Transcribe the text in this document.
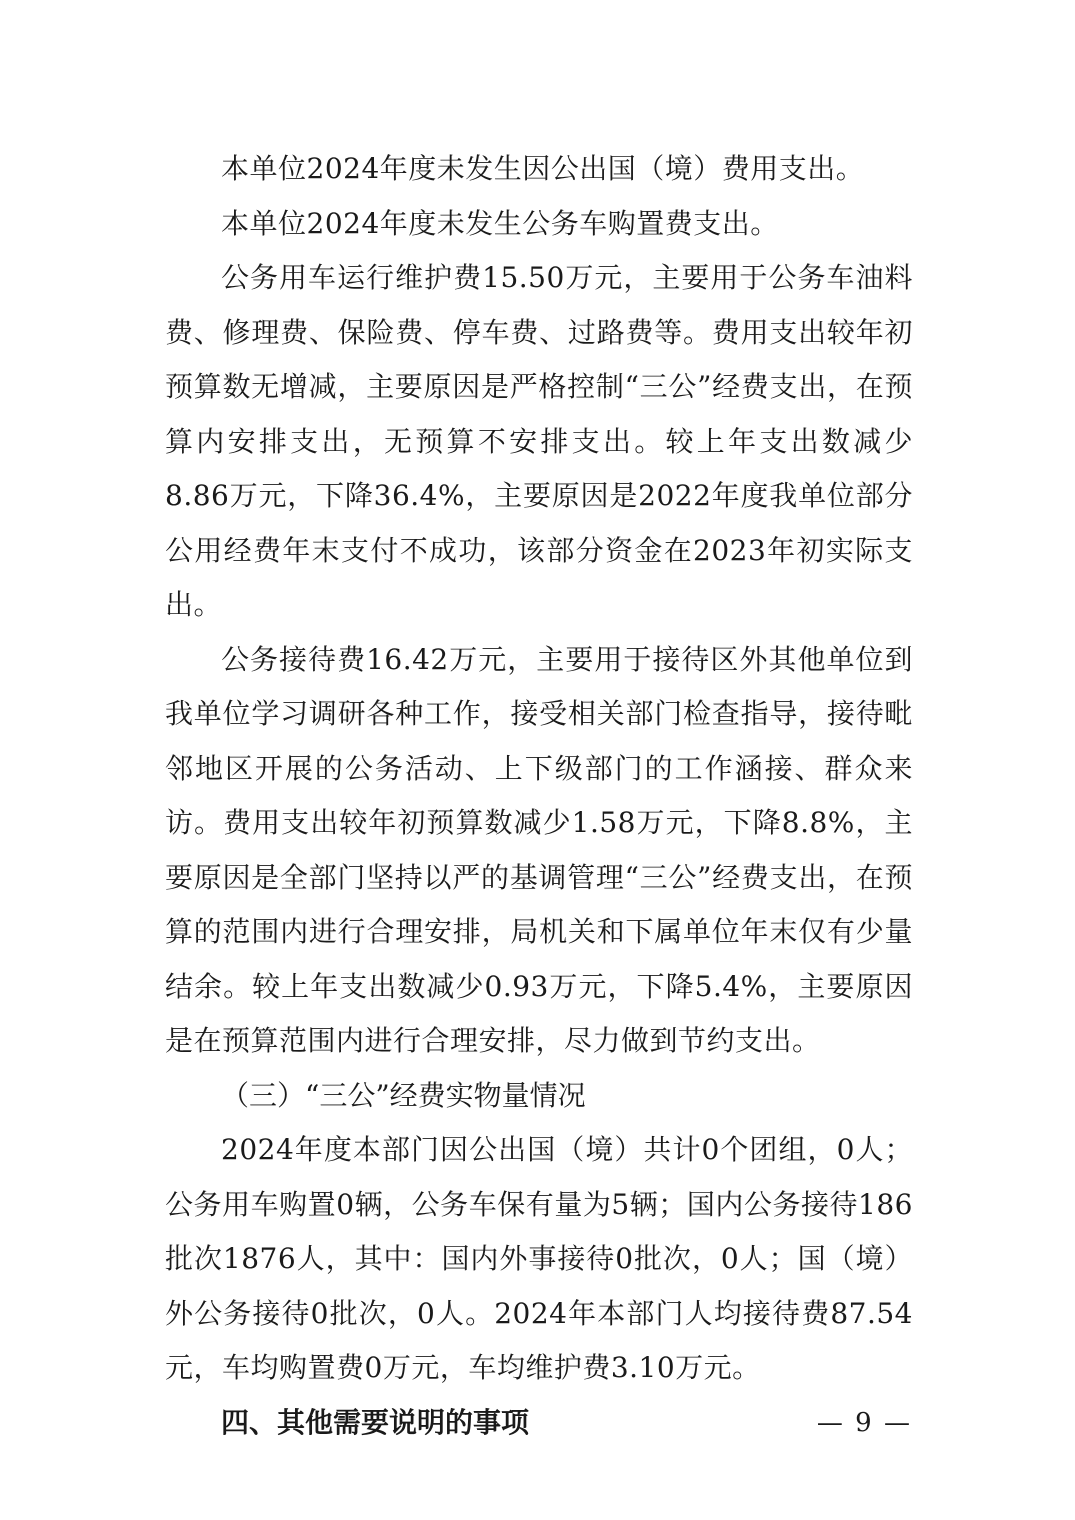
本单位2024年度未发生因公出国（境）费用支出。

本单位2024年度未发生公务车购置费支出。

公务用车运行维护费15.50万元，主要用于公务车油料费、修理费、保险费、停车费、过路费等。费用支出较年初预算数无增减，主要原因是严格控制“三公”经费支出，在预算内安排支出，无预算不安排支出。较上年支出数减少8.86万元，下降36.4%，主要原因是2022年度我单位部分公用经费年末支付不成功，该部分资金在2023年初实际支出。

公务接待费16.42万元，主要用于接待区外其他单位到我单位学习调研各种工作，接受相关部门检查指导，接待毗邻地区开展的公务活动、上下级部门的工作涵接、群众来访。费用支出较年初预算数减少1.58万元，下降8.8%，主要原因是全部门坚持以严的基调管理“三公”经费支出，在预算的范围内进行合理安排，局机关和下属单位年末仅有少量结余。较上年支出数减少0.93万元，下降5.4%，主要原因是在预算范围内进行合理安排，尽力做到节约支出。

（三）“三公”经费实物量情况

2024年度本部门因公出国（境）共计0个团组，0人；公务用车购置0辆，公务车保有量为5辆；国内公务接待186批次1876人，其中：国内外事接待0批次，0人；国（境）外公务接待0批次，0人。2024年本部门人均接待费87.54元，车均购置费0万元，车均维护费3.10万元。

四、其他需要说明的事项	— 9 —
